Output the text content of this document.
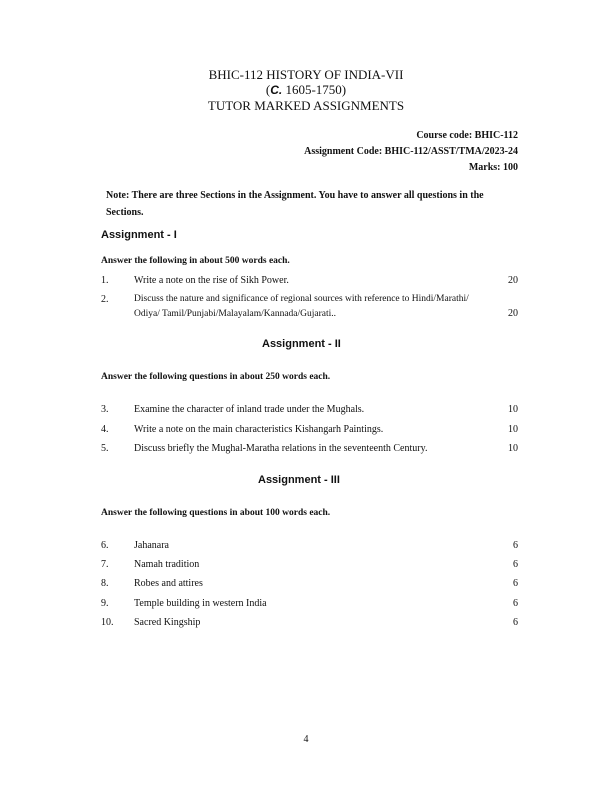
BHIC-112 HISTORY OF INDIA-VII
(C. 1605-1750)
TUTOR MARKED ASSIGNMENTS
Course code: BHIC-112
Assignment Code: BHIC-112/ASST/TMA/2023-24
Marks: 100
Note: There are three Sections in the Assignment. You have to answer all questions in the Sections.
Assignment - I
Answer the following in about 500 words each.
1.	Write a note on the rise of Sikh Power.	20
2.	Discuss the nature and significance of regional sources with reference to Hindi/Marathi/
Odiya/ Tamil/Punjabi/Malayalam/Kannada/Gujarati..	20
Assignment - II
Answer the following questions in about 250 words each.
3.	Examine the character of inland trade under the Mughals.	10
4.	Write a note on the main characteristics Kishangarh Paintings.	10
5.	Discuss briefly the Mughal-Maratha relations in the seventeenth Century.	10
Assignment - III
Answer the following questions in about 100 words each.
6.	Jahanara	6
7.	Namah tradition	6
8.	Robes and attires	6
9.	Temple building in western India	6
10. Sacred Kingship	6
4
